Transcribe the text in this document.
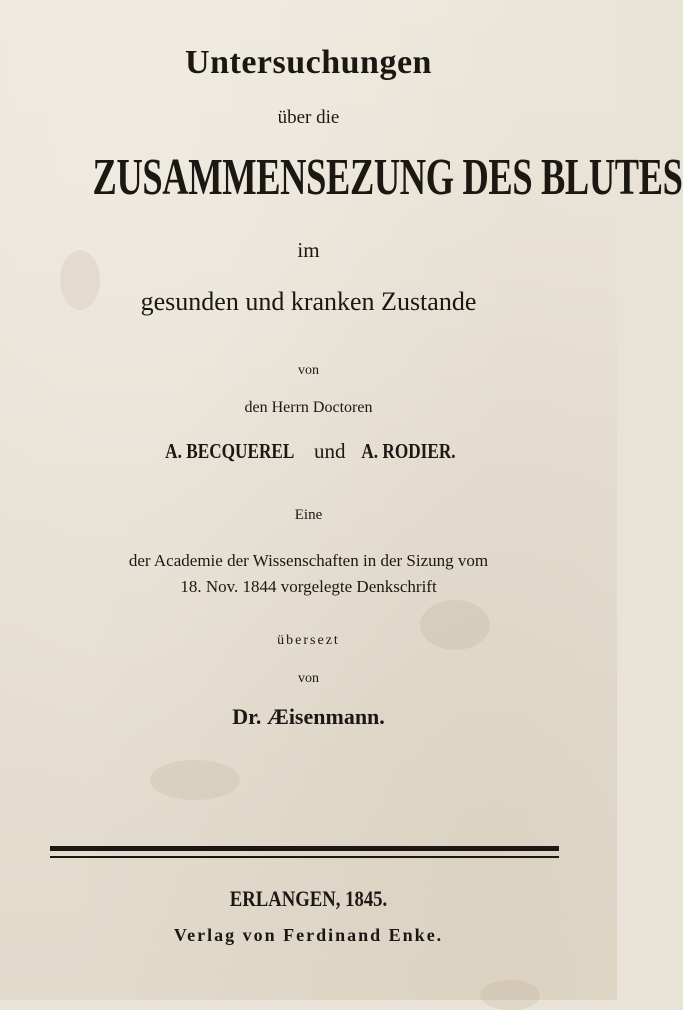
Untersuchungen
über die
ZUSAMMENSEZUNG DES BLUTES
im
gesunden und kranken Zustande
von
den Herrn Doctoren
A. BECQUEREL und A. RODIER.
Eine
der Academie der Wissenschaften in der Sizung vom
18. Nov. 1844 vorgelegte Denkschrift
übersezt
von
Dr. Æisenmann.
ERLANGEN, 1845.
Verlag von Ferdinand Enke.
